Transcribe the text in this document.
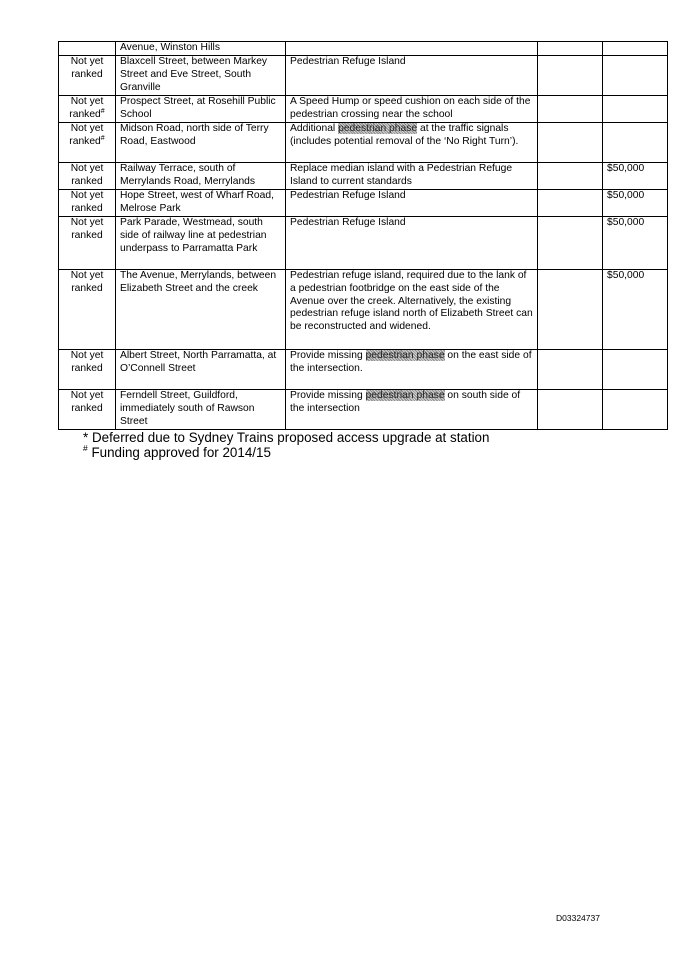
	Avenue, Winston Hills			
Not yet ranked	Blaxcell Street, between Markey Street and Eve Street, South Granville	Pedestrian Refuge Island		
Not yet ranked#	Prospect Street, at Rosehill Public School	A Speed Hump or speed cushion on each side of the pedestrian crossing near the school		
Not yet ranked#	Midson Road, north side of Terry Road, Eastwood	Additional pedestrian phase at the traffic signals (includes potential removal of the ‘No Right Turn’).		
Not yet ranked	Railway Terrace, south of Merrylands Road, Merrylands	Replace median island with a Pedestrian Refuge Island to current standards		$50,000
Not yet ranked	Hope Street, west of Wharf Road, Melrose Park	Pedestrian Refuge Island		$50,000
Not yet ranked	Park Parade, Westmead, south side of railway line at pedestrian underpass to Parramatta Park	Pedestrian Refuge Island		$50,000
Not yet ranked	The Avenue, Merrylands, between Elizabeth Street and the creek	Pedestrian refuge island, required due to the lank of a pedestrian footbridge on the east side of the Avenue over the creek. Alternatively, the existing pedestrian refuge island north of Elizabeth Street can be reconstructed and widened.		$50,000
Not yet ranked	Albert Street, North Parramatta, at O’Connell Street	Provide missing pedestrian phase on the east side of the intersection.		
Not yet ranked	Ferndell Street, Guildford, immediately south of Rawson Street	Provide missing pedestrian phase on south side of the intersection		
* Deferred due to Sydney Trains proposed access upgrade at station
# Funding approved for 2014/15
D03324737
